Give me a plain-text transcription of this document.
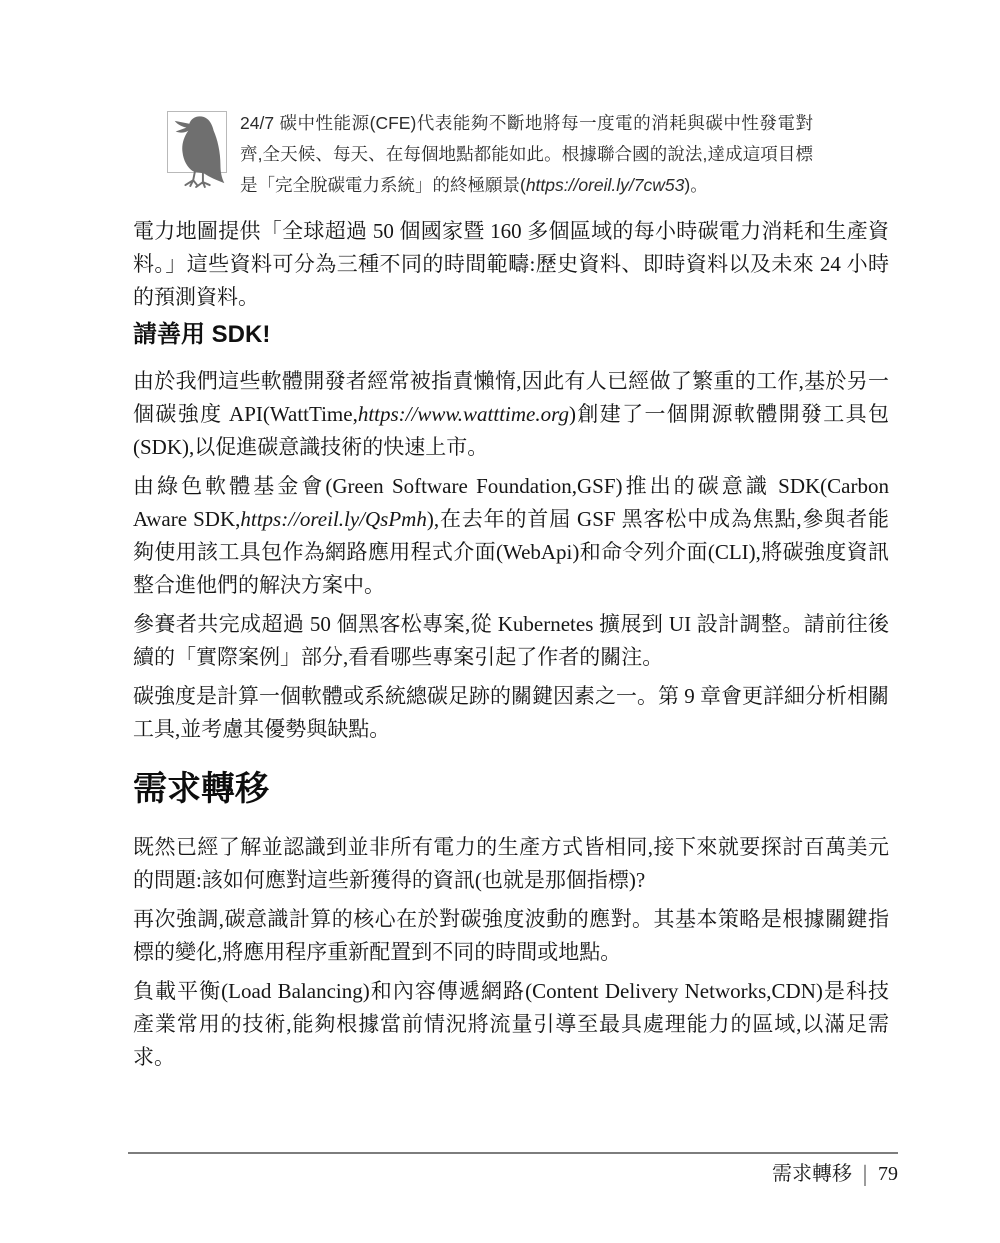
24/7 碳中性能源(CFE)代表能夠不斷地將每一度電的消耗與碳中性發電對齊,全天候、每天、在每個地點都能如此。根據聯合國的說法,達成這項目標是「完全脫碳電力系統」的終極願景(https://oreil.ly/7cw53)。

電力地圖提供「全球超過 50 個國家暨 160 多個區域的每小時碳電力消耗和生產資料。」這些資料可分為三種不同的時間範疇:歷史資料、即時資料以及未來 24 小時的預測資料。

請善用 SDK!

由於我們這些軟體開發者經常被指責懶惰,因此有人已經做了繁重的工作,基於另一個碳強度 API(WattTime,https://www.watttime.org)創建了一個開源軟體開發工具包(SDK),以促進碳意識技術的快速上市。

由綠色軟體基金會(Green Software Foundation,GSF)推出的碳意識 SDK(Carbon Aware SDK,https://oreil.ly/QsPmh),在去年的首屆 GSF 黑客松中成為焦點,參與者能夠使用該工具包作為網路應用程式介面(WebApi)和命令列介面(CLI),將碳強度資訊整合進他們的解決方案中。

參賽者共完成超過 50 個黑客松專案,從 Kubernetes 擴展到 UI 設計調整。請前往後續的「實際案例」部分,看看哪些專案引起了作者的關注。

碳強度是計算一個軟體或系統總碳足跡的關鍵因素之一。第 9 章會更詳細分析相關工具,並考慮其優勢與缺點。

需求轉移

既然已經了解並認識到並非所有電力的生產方式皆相同,接下來就要探討百萬美元的問題:該如何應對這些新獲得的資訊(也就是那個指標)?

再次強調,碳意識計算的核心在於對碳強度波動的應對。其基本策略是根據關鍵指標的變化,將應用程序重新配置到不同的時間或地點。

負載平衡(Load Balancing)和內容傳遞網路(Content Delivery Networks,CDN)是科技產業常用的技術,能夠根據當前情況將流量引導至最具處理能力的區域,以滿足需求。

需求轉移 | 79
